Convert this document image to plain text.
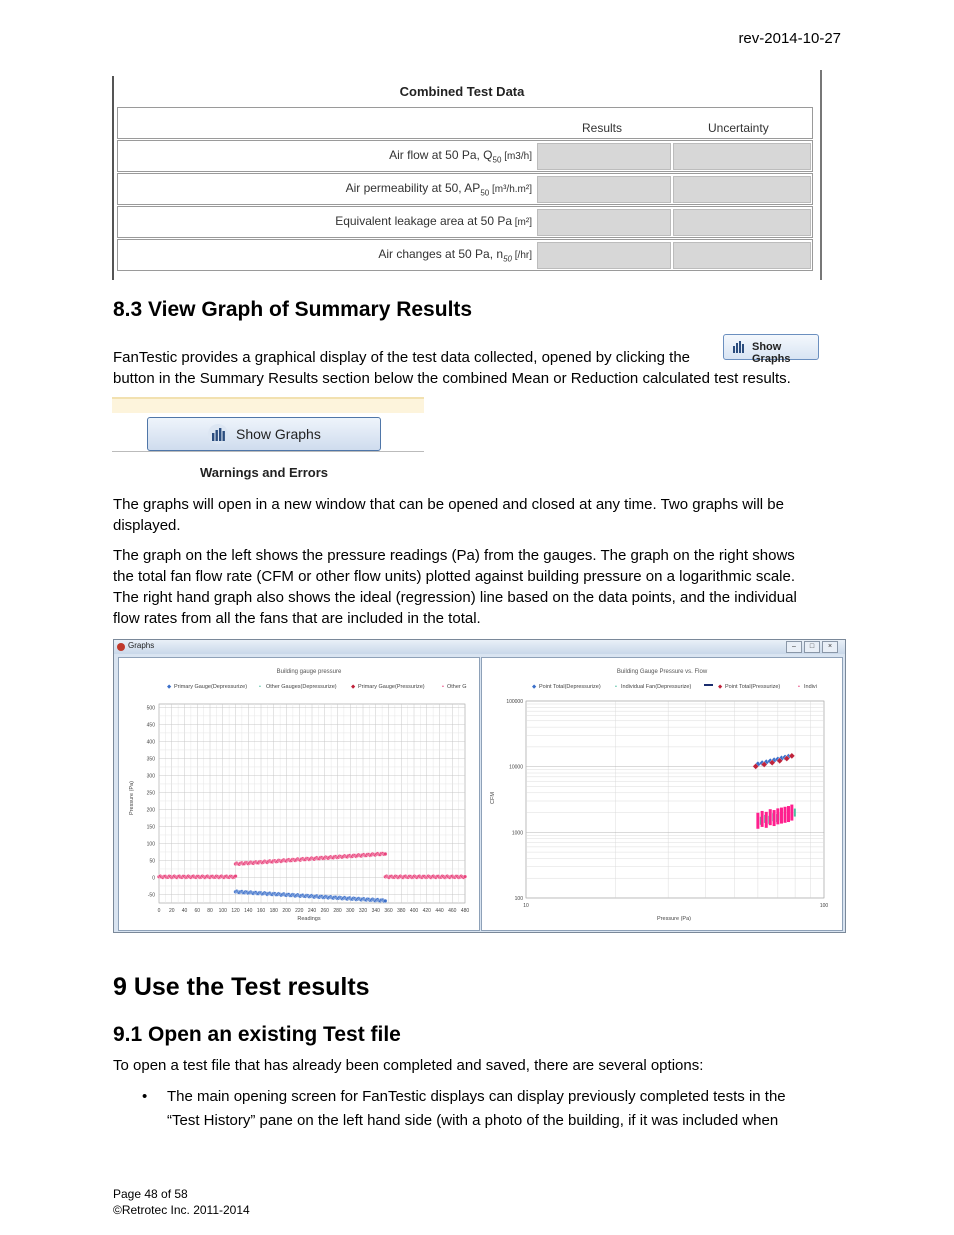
rev-2014-10-27
Combined Test Data
Results	Uncertainty
Air flow at 50 Pa, $Q_{50}$ [m3/h]
Air permeability at 50, $AP_{50}$ [m³/h.m²]
Equivalent leakage area at 50 Pa [m²]
Air changes at 50 Pa, $n_{50}$ [/hr]
8.3 View Graph of Summary Results
FanTestic provides a graphical display of the test data collected, opened by clicking the
Show Graphs
button in the Summary Results section below the combined Mean or Reduction calculated test results.
Show Graphs
Warnings and Errors
The graphs will open in a new window that can be opened and closed at any time. Two graphs will be
displayed.
The graph on the left shows the pressure readings (Pa) from the gauges. The graph on the right shows
the total fan flow rate (CFM or other flow units) plotted against building pressure on a logarithmic scale.
The right hand graph also shows the ideal (regression) line based on the data points, and the individual
flow rates from all the fans that are included in the total.
Graphs	–	□	×
Building gauge pressure
◆ Primary Gauge(Depressurize) • Other Gauges(Depressurize)	◆ Primary Gauge(Pressurize)	• Other G
Pressure (Pa)
Readings
500
450
400
350
300
250
200
150
100
50
0
-50
0 20 40 60 80 100 120 140 160 180 200 220 240 260 280 300 320 340 360 380 400 420 440 460 480
Building Gauge Pressure vs. Flow
◆ Point Total(Depressurize)	• Individual Fan(Depressurize)	◆ Point Total(Pressurize)	• Indivi
CFM
Pressure (Pa)
100000
10000
1000
100
10	100
9 Use the Test results
9.1 Open an existing Test file
To open a test file that has already been completed and saved, there are several options:
• The main opening screen for FanTestic displays can display previously completed tests in the
“Test History” pane on the left hand side (with a photo of the building, if it was included when
Page 48 of 58
©Retrotec Inc. 2011-2014
